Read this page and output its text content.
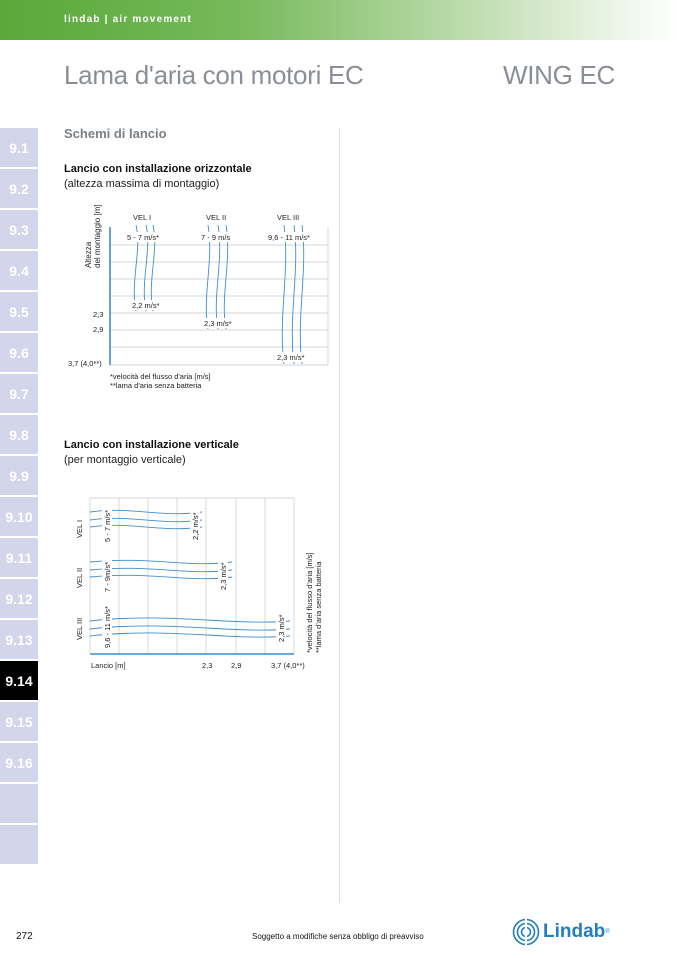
lindab | air movement
Lama d'aria con motori EC	WING EC
9.1
9.2
9.3
9.4
9.5
9.6
9.7
9.8
9.9
9.10
9.11
9.12
9.13
9.14
9.15
9.16
Schemi di lancio
Lancio con installazione orizzontale
(altezza massima di montaggio)
Altezza del montaggio [m]	VEL I	VEL II	VEL III
5 - 7 m/s*	7 - 9 m/s	9,6 - 11 m/s*
2,2 m/s*
2,3 m/s*
2,3 m/s*
2,3
2,9
3,7 (4,0**)
*velocità del flusso d'aria [m/s]
**lama d'aria senza batteria
Lancio con installazione verticale
(per montaggio verticale)
VEL I
VEL II
VEL III
5 - 7 m/s*
7 - 9m/s*
9,6 - 11 m/s*
2,2 m/s*
2,3 m/s*
2,3 m/s*
Lancio [m]	2,3 2,9	3,7 (4,0**)
*velocità del flusso d'aria [m/s] **lama d'aria senza batteria
272	Soggetto a modifiche senza obbligo di preavviso	Lindab ®
